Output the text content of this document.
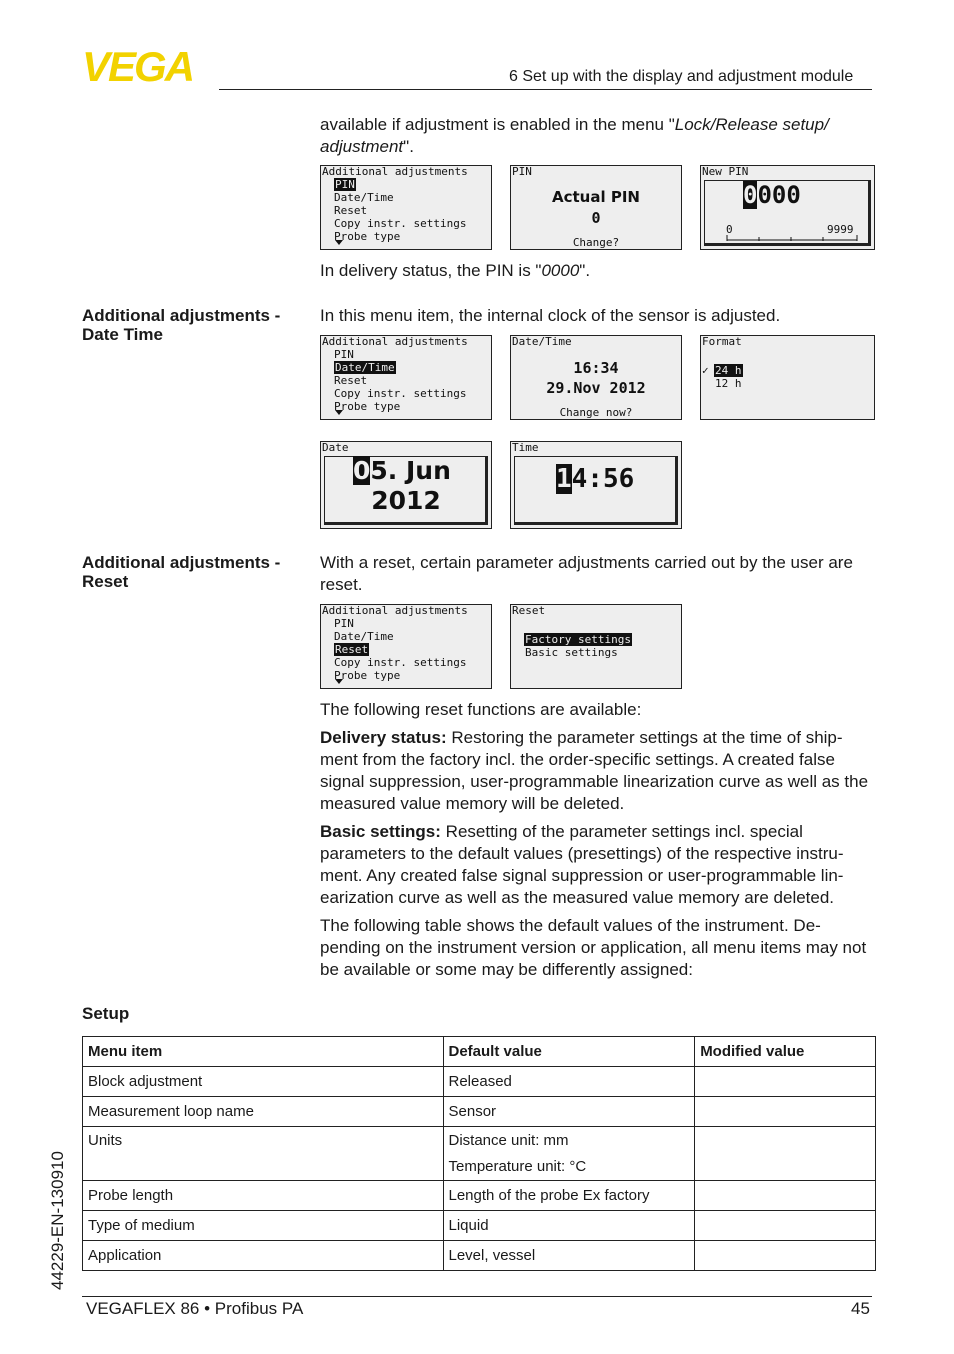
VEGA	6 Set up with the display and adjustment module
available if adjustment is enabled in the menu "Lock/Release setup/ adjustment".
Additional adjustments
PIN
Date/Time
Reset
Copy instr. settings
Probe type
PIN
Actual PIN
0
Change?
New PIN
0000
0	9999
In delivery status, the PIN is "0000".
Additional adjustments - Date Time
In this menu item, the internal clock of the sensor is adjusted.
Additional adjustments
PIN
Date/Time
Reset
Copy instr. settings
Probe type
Date/Time
16:34
29.Nov 2012
Change now?
Format
✓ 24 h
12 h
Date
05. Jun
2012
Time
14:56
Additional adjustments - Reset
With a reset, certain parameter adjustments carried out by the user are reset.
Additional adjustments
PIN
Date/Time
Reset
Copy instr. settings
Probe type
Reset
Factory settings
Basic settings
The following reset functions are available:
Delivery status: Restoring the parameter settings at the time of ship-ment from the factory incl. the order-specific settings. A created false signal suppression, user-programmable linearization curve as well as the measured value memory will be deleted.
Basic settings: Resetting of the parameter settings incl. special parameters to the default values (presettings) of the respective instru-ment. Any created false signal suppression or user-programmable lin-earization curve as well as the measured value memory are deleted.
The following table shows the default values of the instrument. De-pending on the instrument version or application, all menu items may not be available or some may be differently assigned:
Setup
Menu item	Default value	Modified value
Block adjustment	Released	
Measurement loop name	Sensor	
Units	Distance unit: mm
Temperature unit: °C	

Probe length	Length of the probe Ex factory	
Type of medium	Liquid	
Application	Level, vessel	
VEGAFLEX 86 • Profibus PA	45
44229-EN-130910
